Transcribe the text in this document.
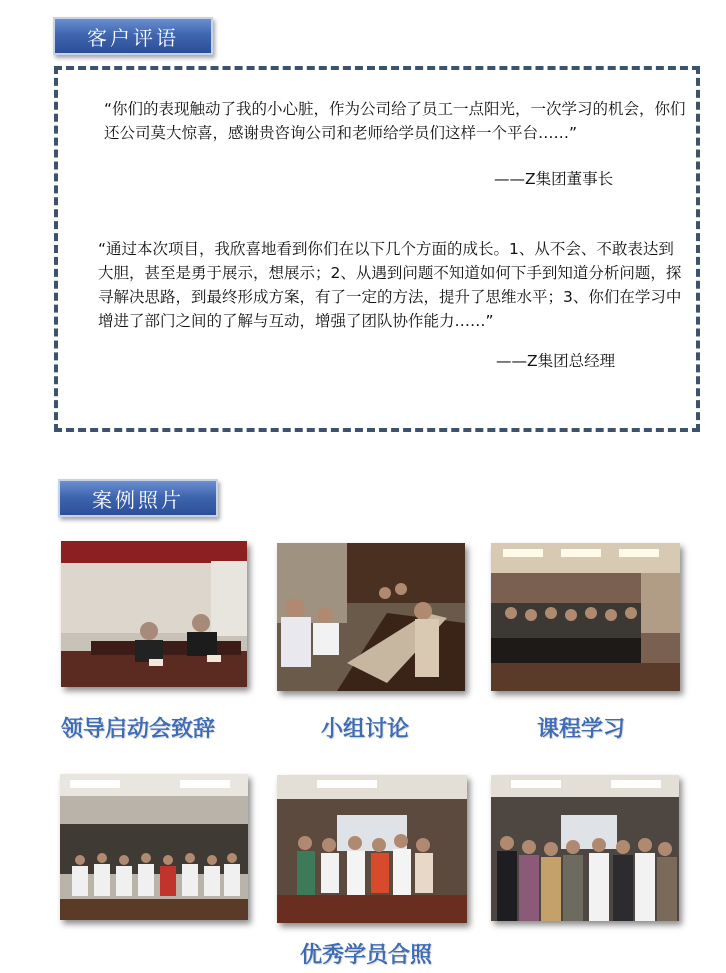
客户评语
“你们的表现触动了我的小心脏，作为公司给了员工一点阳光，一次学习的机会，你们还公司莫大惊喜，感谢贵咨询公司和老师给学员们这样一个平台……”
——Z集团董事长
“通过本次项目，我欣喜地看到你们在以下几个方面的成长。1、从不会、不敢表达到大胆，甚至是勇于展示，想展示；2、从遇到问题不知道如何下手到知道分析问题，探寻解决思路，到最终形成方案，有了一定的方法，提升了思维水平；3、你们在学习中增进了部门之间的了解与互动，增强了团队协作能力……”
——Z集团总经理
案例照片
领导启动会致辞	小组讨论	课程学习
优秀学员合照
